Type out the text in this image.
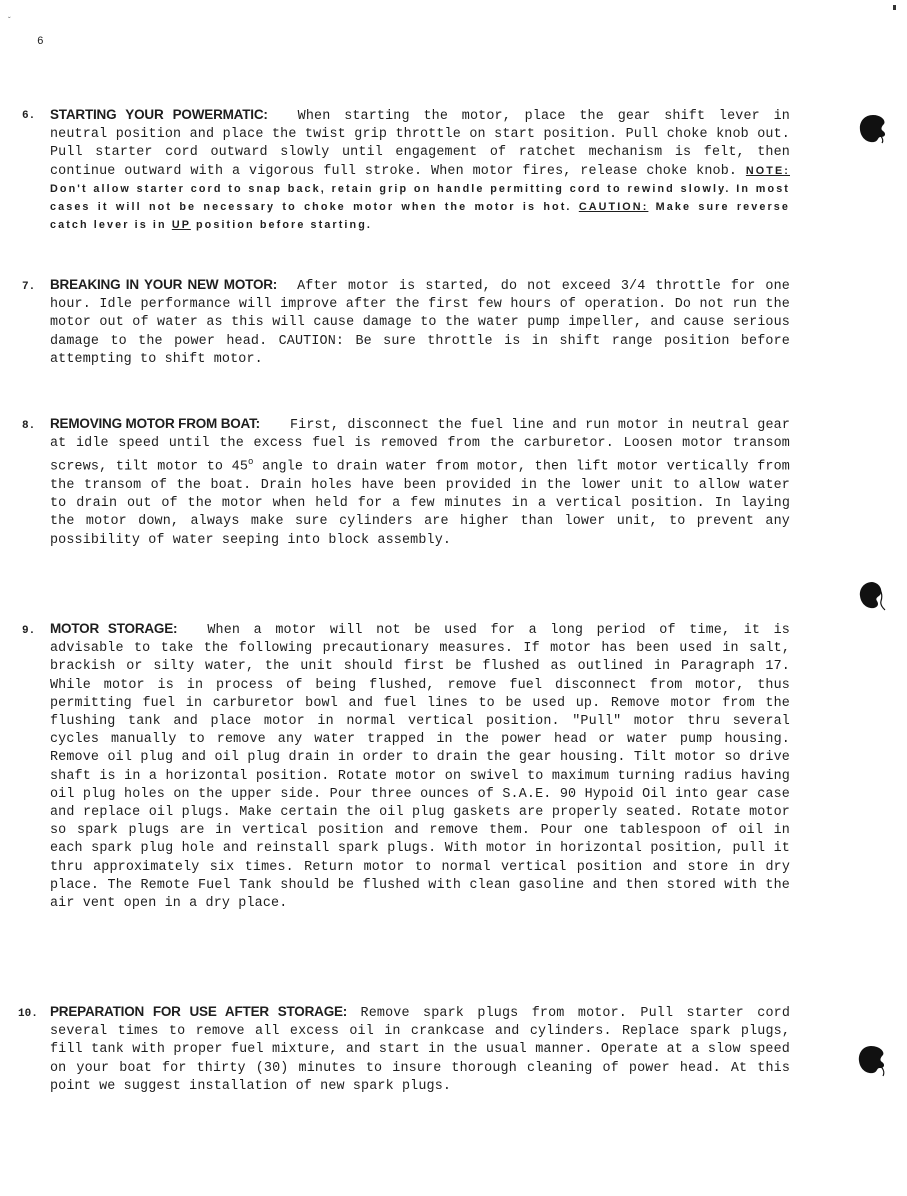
ˇ
6
6. STARTING YOUR POWERMATIC: When starting the motor, place the gear shift lever in neutral position and place the twist grip throttle on start position. Pull choke knob out. Pull starter cord outward slowly until engagement of ratchet mechanism is felt, then continue outward with a vigorous full stroke. When motor fires, release choke knob. NOTE: Don't allow starter cord to snap back, retain grip on handle permitting cord to rewind slowly. In most cases it will not be necessary to choke motor when the motor is hot. CAUTION: Make sure reverse catch lever is in UP position before starting.
7. BREAKING IN YOUR NEW MOTOR: After motor is started, do not exceed 3/4 throttle for one hour. Idle performance will improve after the first few hours of operation. Do not run the motor out of water as this will cause damage to the water pump impeller, and cause serious damage to the power head. CAUTION: Be sure throttle is in shift range position before attempting to shift motor.
8. REMOVING MOTOR FROM BOAT: First, disconnect the fuel line and run motor in neutral gear at idle speed until the excess fuel is removed from the carburetor. Loosen motor transom screws, tilt motor to 45$^o$ angle to drain water from motor, then lift motor vertically from the transom of the boat. Drain holes have been provided in the lower unit to allow water to drain out of the motor when held for a few minutes in a vertical position. In laying the motor down, always make sure cylinders are higher than lower unit, to prevent any possibility of water seeping into block assembly.
9. MOTOR STORAGE: When a motor will not be used for a long period of time, it is advisable to take the following precautionary measures. If motor has been used in salt, brackish or silty water, the unit should first be flushed as outlined in Paragraph 17. While motor is in process of being flushed, remove fuel disconnect from motor, thus permitting fuel in carburetor bowl and fuel lines to be used up. Remove motor from the flushing tank and place motor in normal vertical position. "Pull" motor thru several cycles manually to remove any water trapped in the power head or water pump housing. Remove oil plug and oil plug drain in order to drain the gear housing. Tilt motor so drive shaft is in a horizontal position. Rotate motor on swivel to maximum turning radius having oil plug holes on the upper side. Pour three ounces of S.A.E. 90 Hypoid Oil into gear case and replace oil plugs. Make certain the oil plug gaskets are properly seated. Rotate motor so spark plugs are in vertical position and remove them. Pour one tablespoon of oil in each spark plug hole and reinstall spark plugs. With motor in horizontal position, pull it thru approximately six times. Return motor to normal vertical position and store in dry place. The Remote Fuel Tank should be flushed with clean gasoline and then stored with the air vent open in a dry place.
10. PREPARATION FOR USE AFTER STORAGE: Remove spark plugs from motor. Pull starter cord several times to remove all excess oil in crankcase and cylinders. Replace spark plugs, fill tank with proper fuel mixture, and start in the usual manner. Operate at a slow speed on your boat for thirty (30) minutes to insure thorough cleaning of power head. At this point we suggest installation of new spark plugs.
